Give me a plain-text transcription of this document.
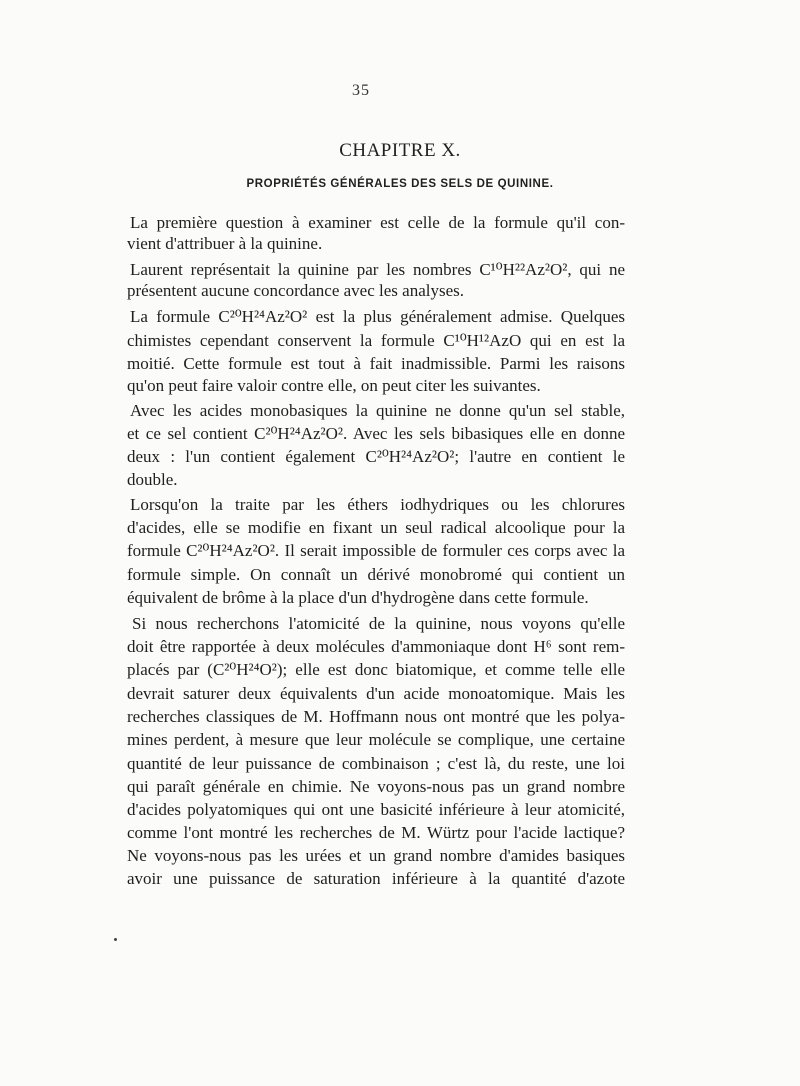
35
CHAPITRE X.
PROPRIÉTÉS GÉNÉRALES DES SELS DE QUININE.
La première question à examiner est celle de la formule qu'il con-
vient d'attribuer à la quinine.
Laurent représentait la quinine par les nombres C¹⁰H²²Az²O², qui ne
présentent aucune concordance avec les analyses.
La formule C²⁰H²⁴Az²O² est la plus généralement admise. Quelques
chimistes cependant conservent la formule C¹⁰H¹²AzO qui en est la
moitié. Cette formule est tout à fait inadmissible. Parmi les raisons
qu'on peut faire valoir contre elle, on peut citer les suivantes.
Avec les acides monobasiques la quinine ne donne qu'un sel stable,
et ce sel contient C²⁰H²⁴Az²O². Avec les sels bibasiques elle en donne
deux : l'un contient également C²⁰H²⁴Az²O²; l'autre en contient le
double.
Lorsqu'on la traite par les éthers iodhydriques ou les chlorures
d'acides, elle se modifie en fixant un seul radical alcoolique pour la
formule C²⁰H²⁴Az²O². Il serait impossible de formuler ces corps avec la
formule simple. On connaît un dérivé monobromé qui contient un
équivalent de brôme à la place d'un d'hydrogène dans cette formule.
Si nous recherchons l'atomicité de la quinine, nous voyons qu'elle
doit être rapportée à deux molécules d'ammoniaque dont H⁶ sont rem-
placés par (C²⁰H²⁴O²); elle est donc biatomique, et comme telle elle
devrait saturer deux équivalents d'un acide monoatomique. Mais les
recherches classiques de M. Hoffmann nous ont montré que les polya-
mines perdent, à mesure que leur molécule se complique, une certaine
quantité de leur puissance de combinaison ; c'est là, du reste, une loi
qui paraît générale en chimie. Ne voyons-nous pas un grand nombre
d'acides polyatomiques qui ont une basicité inférieure à leur atomicité,
comme l'ont montré les recherches de M. Würtz pour l'acide lactique?
Ne voyons-nous pas les urées et un grand nombre d'amides basiques
avoir une puissance de saturation inférieure à la quantité d'azote
